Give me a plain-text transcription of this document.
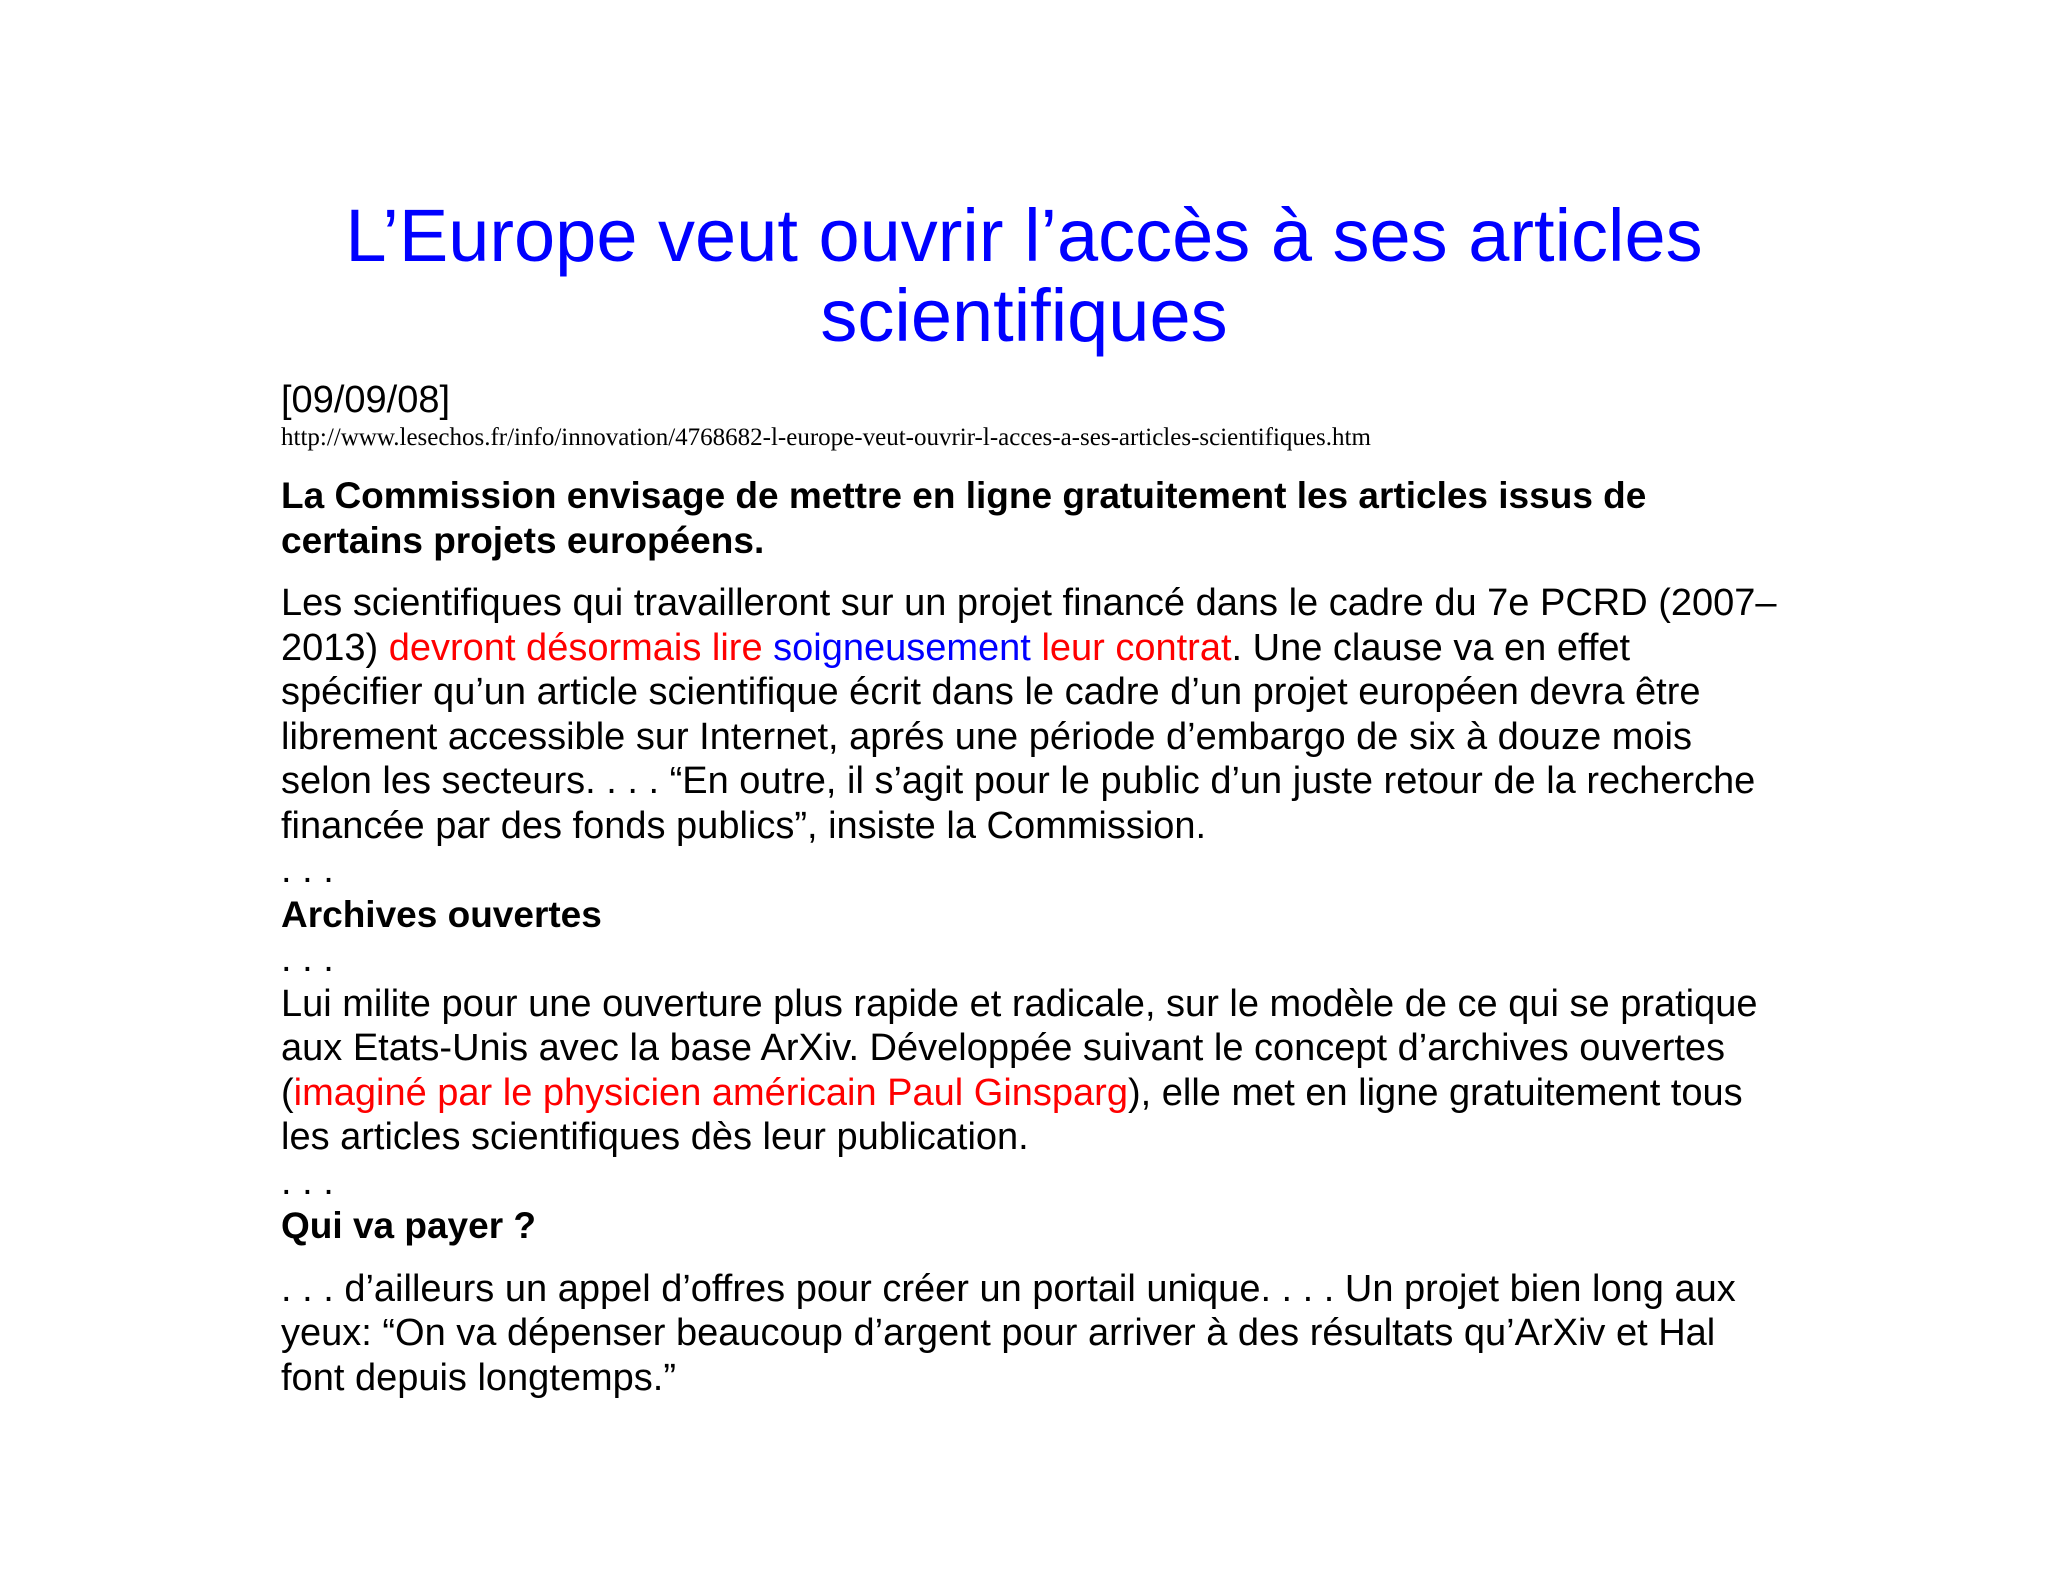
L’Europe veut ouvrir l’accès à ses articles
scientifiques
[09/09/08]
http://www.lesechos.fr/info/innovation/4768682-l-europe-veut-ouvrir-l-acces-a-ses-articles-scientifiques.htm
La Commission envisage de mettre en ligne gratuitement les articles issus de certains projets européens.

Les scientifiques qui travailleront sur un projet financé dans le cadre du 7e PCRD (2007–2013) devront désormais lire soigneusement leur contrat. Une clause va en effet spécifier qu’un article scientifique écrit dans le cadre d’un projet européen devra être librement accessible sur Internet, aprés une période d’embargo de six à douze mois selon les secteurs. . . . “En outre, il s’agit pour le public d’un juste retour de la recherche financée par des fonds publics”, insiste la Commission.

. . .
Archives ouvertes
. . .

Lui milite pour une ouverture plus rapide et radicale, sur le modèle de ce qui se pratique aux Etats-Unis avec la base ArXiv. Développée suivant le concept d’archives ouvertes (imaginé par le physicien américain Paul Ginsparg), elle met en ligne gratuitement tous les articles scientifiques dès leur publication.

. . .
Qui va payer ?

. . . d’ailleurs un appel d’offres pour créer un portail unique. . . . Un projet bien long aux yeux: “On va dépenser beaucoup d’argent pour arriver à des résultats qu’ArXiv et Hal font depuis longtemps.”
